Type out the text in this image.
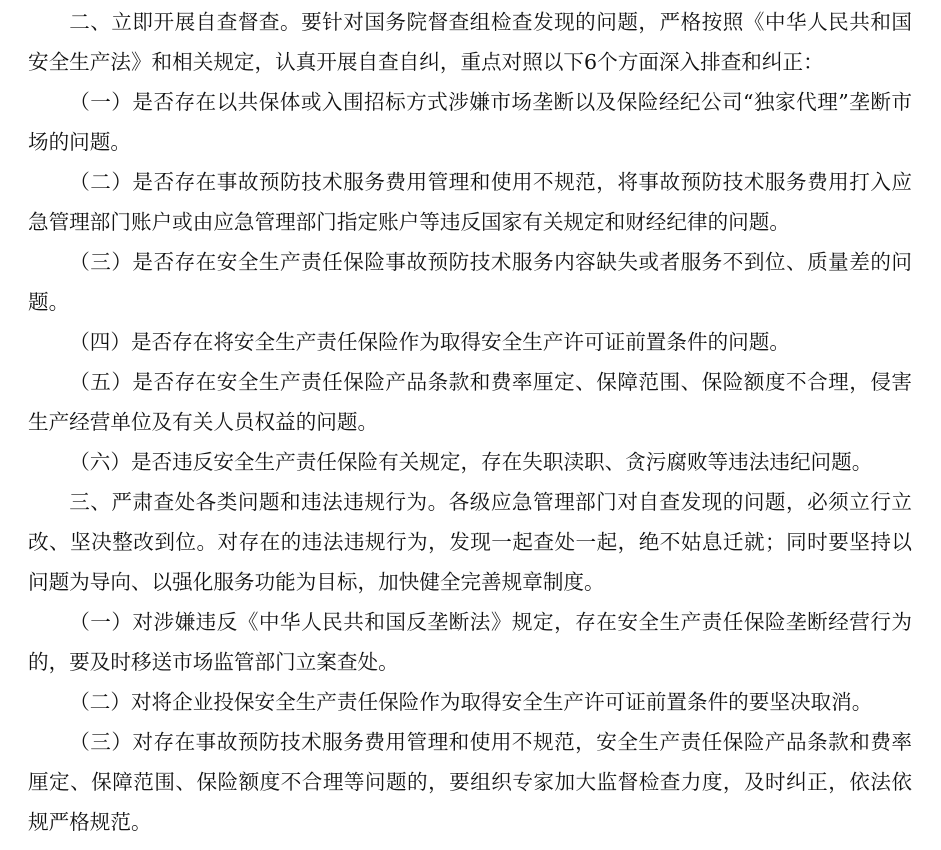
二、立即开展自查督查。要针对国务院督查组检查发现的问题，严格按照《中华人民共和国安全生产法》和相关规定，认真开展自查自纠，重点对照以下6个方面深入排查和纠正：

（一）是否存在以共保体或入围招标方式涉嫌市场垄断以及保险经纪公司“独家代理”垄断市场的问题。

（二）是否存在事故预防技术服务费用管理和使用不规范，将事故预防技术服务费用打入应急管理部门账户或由应急管理部门指定账户等违反国家有关规定和财经纪律的问题。

（三）是否存在安全生产责任保险事故预防技术服务内容缺失或者服务不到位、质量差的问题。

（四）是否存在将安全生产责任保险作为取得安全生产许可证前置条件的问题。

（五）是否存在安全生产责任保险产品条款和费率厘定、保障范围、保险额度不合理，侵害生产经营单位及有关人员权益的问题。

（六）是否违反安全生产责任保险有关规定，存在失职渎职、贪污腐败等违法违纪问题。

三、严肃查处各类问题和违法违规行为。各级应急管理部门对自查发现的问题，必须立行立改、坚决整改到位。对存在的违法违规行为，发现一起查处一起，绝不姑息迁就；同时要坚持以问题为导向、以强化服务功能为目标，加快健全完善规章制度。

（一）对涉嫌违反《中华人民共和国反垄断法》规定，存在安全生产责任保险垄断经营行为的，要及时移送市场监管部门立案查处。

（二）对将企业投保安全生产责任保险作为取得安全生产许可证前置条件的要坚决取消。

（三）对存在事故预防技术服务费用管理和使用不规范，安全生产责任保险产品条款和费率厘定、保障范围、保险额度不合理等问题的，要组织专家加大监督检查力度，及时纠正，依法依规严格规范。
